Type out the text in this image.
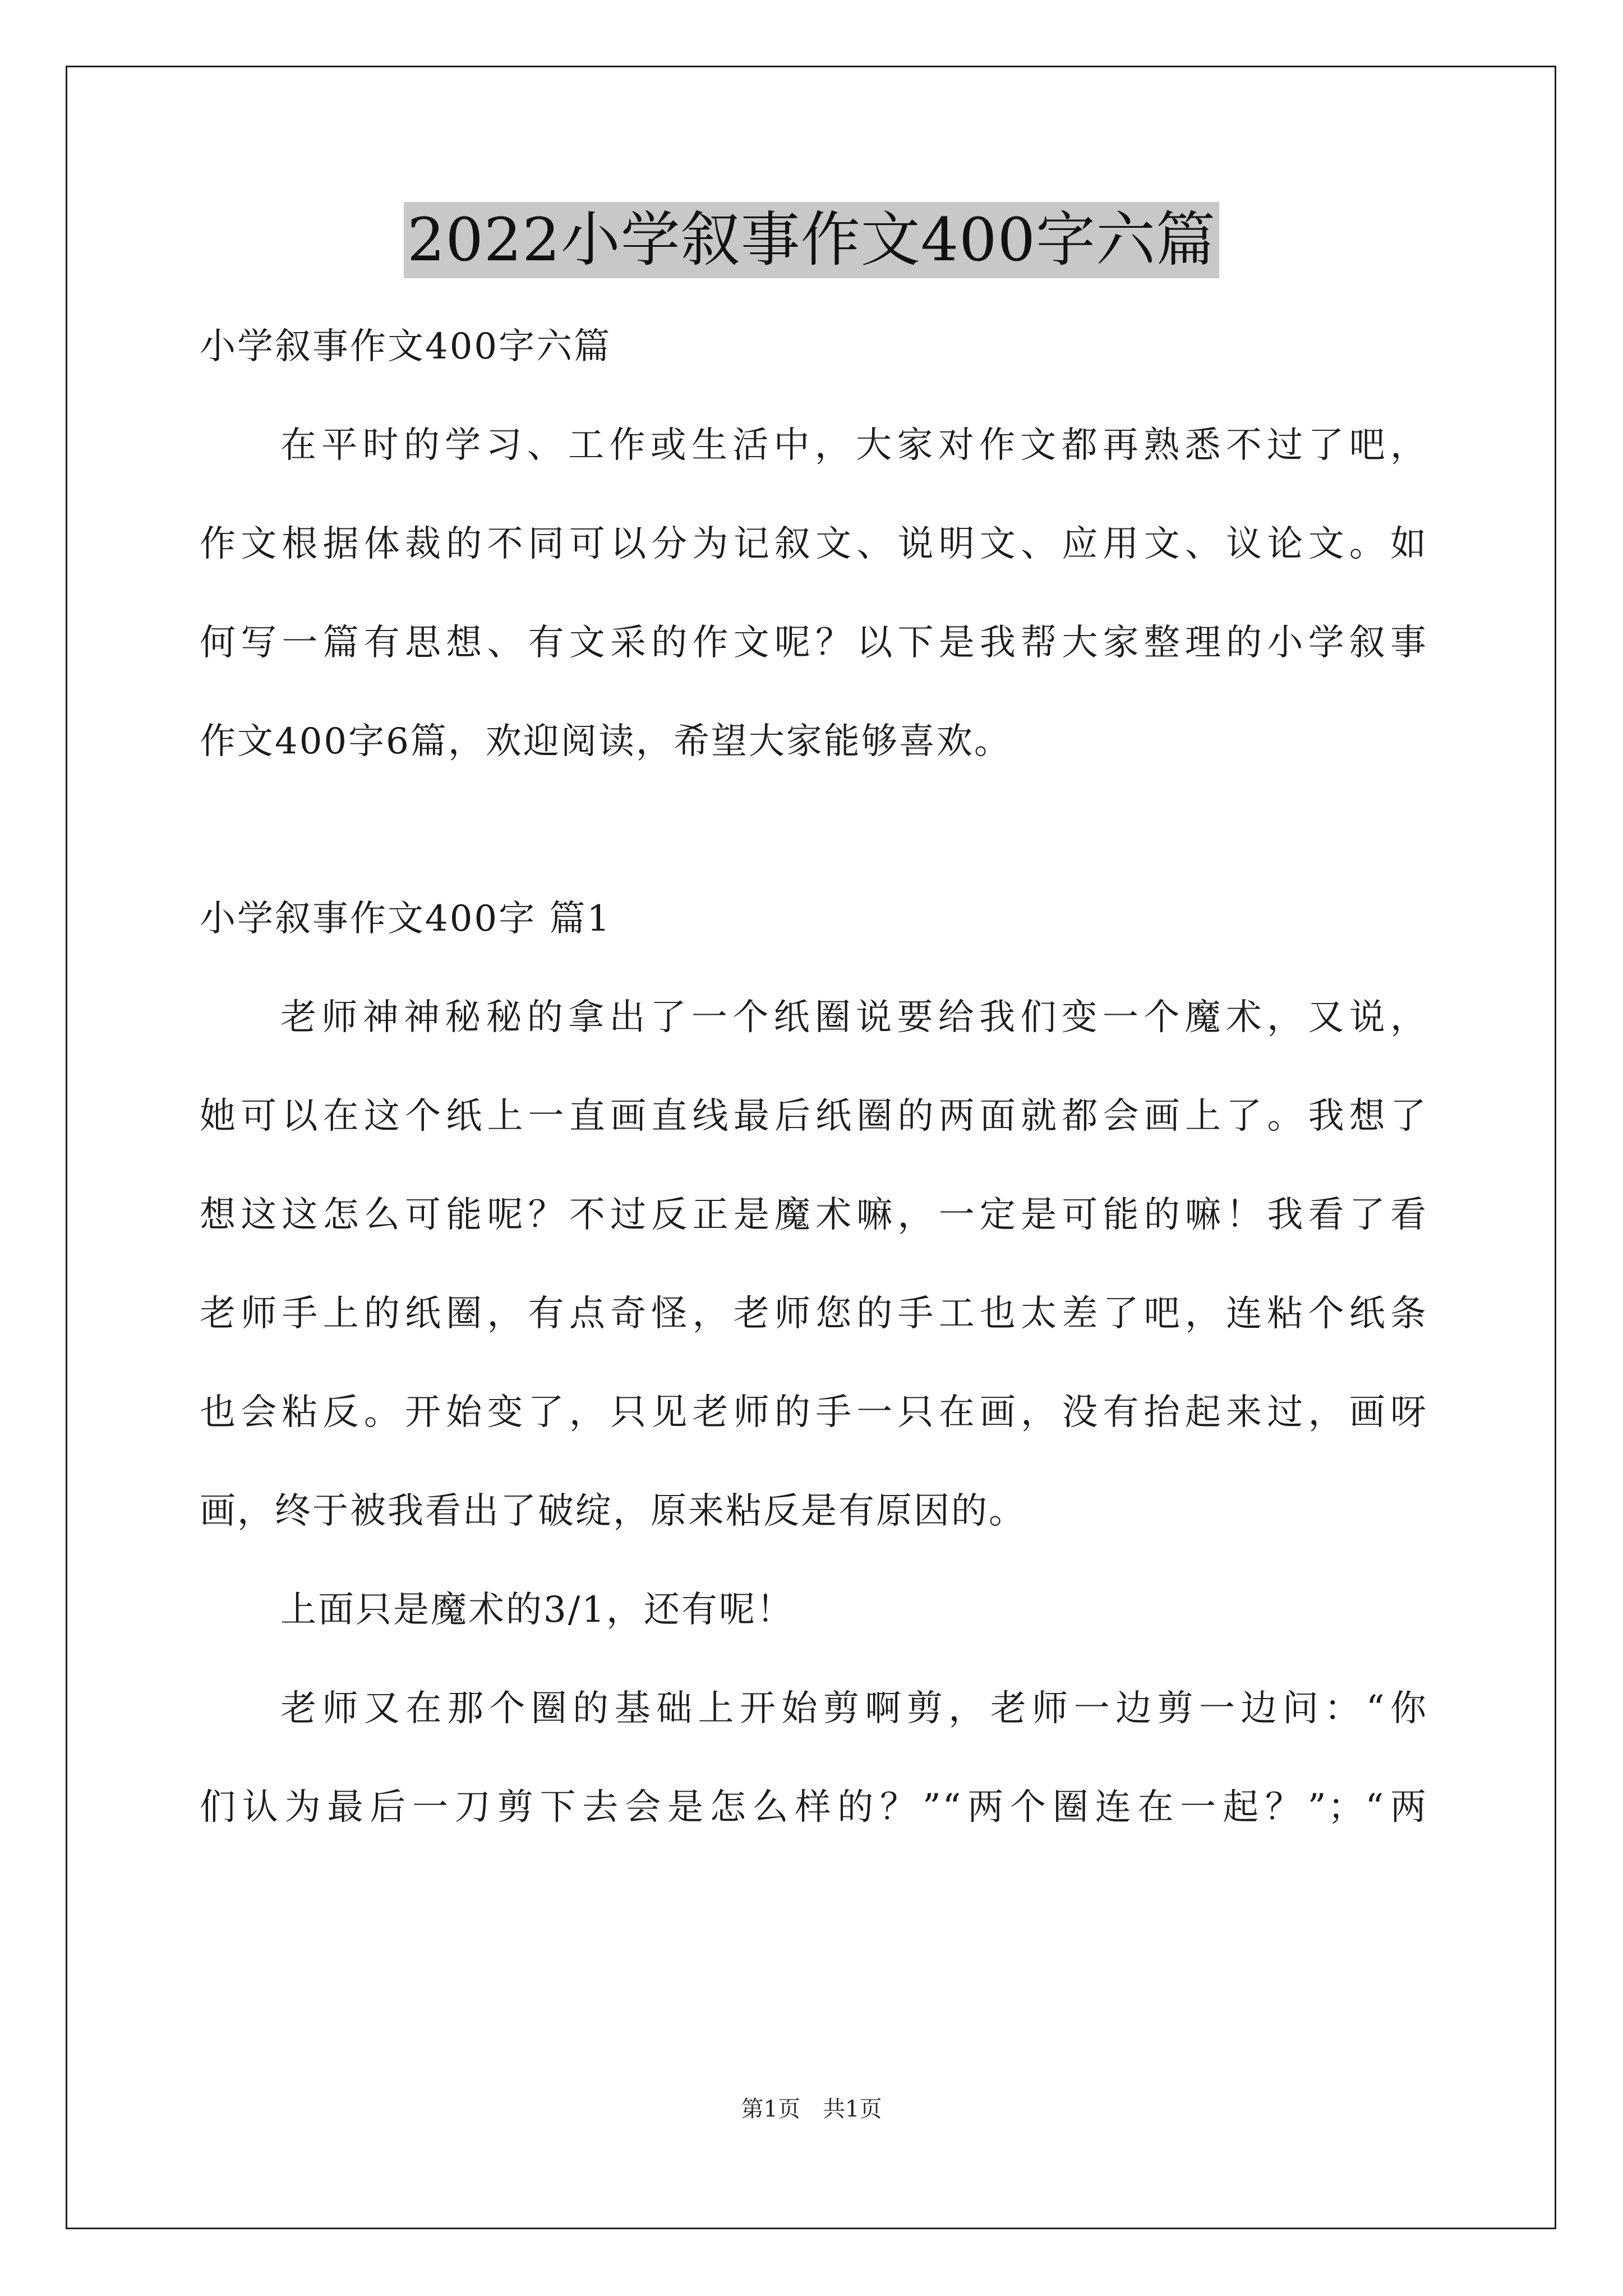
2022小学叙事作文400字六篇
小学叙事作文400字六篇
在平时的学习、工作或生活中，大家对作文都再熟悉不过了吧，
作文根据体裁的不同可以分为记叙文、说明文、应用文、议论文。如
何写一篇有思想、有文采的作文呢？以下是我帮大家整理的小学叙事
作文400字6篇，欢迎阅读，希望大家能够喜欢。
小学叙事作文400字 篇1
老师神神秘秘的拿出了一个纸圈说要给我们变一个魔术，又说，
她可以在这个纸上一直画直线最后纸圈的两面就都会画上了。我想了
想这这怎么可能呢？不过反正是魔术嘛，一定是可能的嘛！我看了看
老师手上的纸圈，有点奇怪，老师您的手工也太差了吧，连粘个纸条
也会粘反。开始变了，只见老师的手一只在画，没有抬起来过，画呀
画，终于被我看出了破绽，原来粘反是有原因的。
上面只是魔术的3/1，还有呢！
老师又在那个圈的基础上开始剪啊剪，老师一边剪一边问：“你
们认为最后一刀剪下去会是怎么样的？”“两个圈连在一起？”；“两
第1页　共1页
